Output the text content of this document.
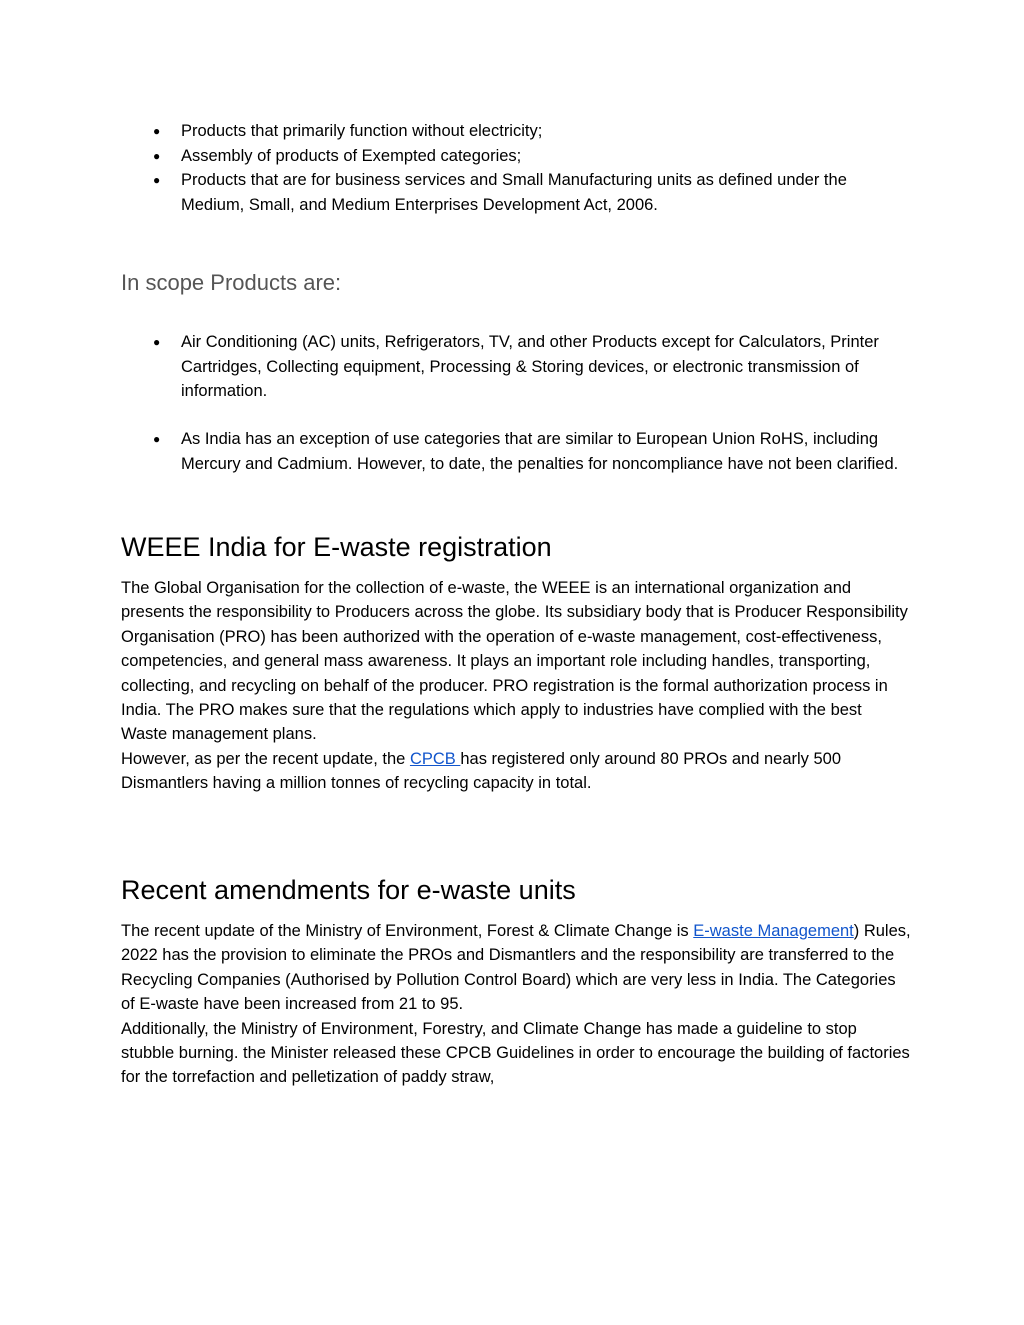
● Products that primarily function without electricity;
● Assembly of products of Exempted categories;
● Products that are for business services and Small Manufacturing units as defined under the Medium, Small, and Medium Enterprises Development Act, 2006.
In scope Products are:
● Air Conditioning (AC) units, Refrigerators, TV, and other Products except for Calculators, Printer Cartridges, Collecting equipment, Processing & Storing devices, or electronic transmission of information.
● As India has an exception of use categories that are similar to European Union RoHS, including Mercury and Cadmium. However, to date, the penalties for noncompliance have not been clarified.
WEEE India for E-waste registration
The Global Organisation for the collection of e-waste, the WEEE is an international organization and presents the responsibility to Producers across the globe. Its subsidiary body that is Producer Responsibility Organisation (PRO) has been authorized with the operation of e-waste management, cost-effectiveness, competencies, and general mass awareness. It plays an important role including handles, transporting, collecting, and recycling on behalf of the producer. PRO registration is the formal authorization process in India. The PRO makes sure that the regulations which apply to industries have complied with the best Waste management plans.
However, as per the recent update, the CPCB has registered only around 80 PROs and nearly 500 Dismantlers having a million tonnes of recycling capacity in total.
Recent amendments for e-waste units
The recent update of the Ministry of Environment, Forest & Climate Change is E-waste Management) Rules, 2022 has the provision to eliminate the PROs and Dismantlers and the responsibility are transferred to the Recycling Companies (Authorised by Pollution Control Board) which are very less in India. The Categories of E-waste have been increased from 21 to 95.
Additionally, the Ministry of Environment, Forestry, and Climate Change has made a guideline to stop stubble burning. the Minister released these CPCB Guidelines in order to encourage the building of factories for the torrefaction and pelletization of paddy straw,
